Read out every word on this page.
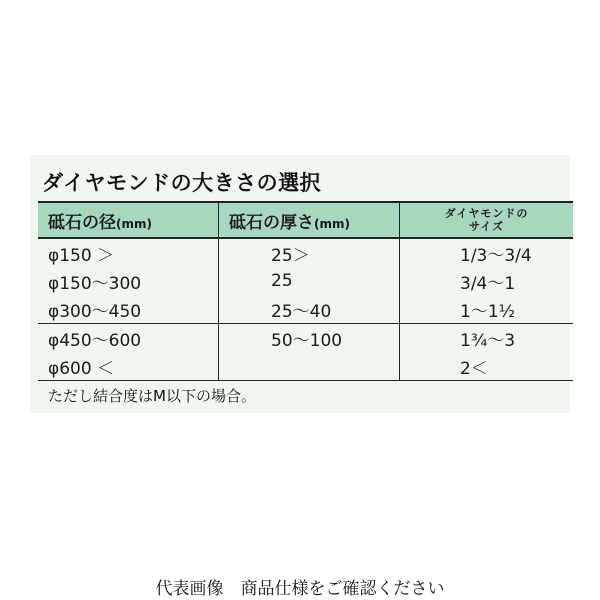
ダイヤモンドの大きさの選択
砥石の径(mm)	砥石の厚さ(mm)	ダイヤモンドの
サイズ

φ150 ＞	25＞	1/3～3/4
φ150～300	25	3/4～1
φ300～450	25～40	1～1½
φ450～600	50～100	1¾～3
φ600 ＜		2＜
ただし結合度はM以下の場合。
代表画像　商品仕様をご確認ください
